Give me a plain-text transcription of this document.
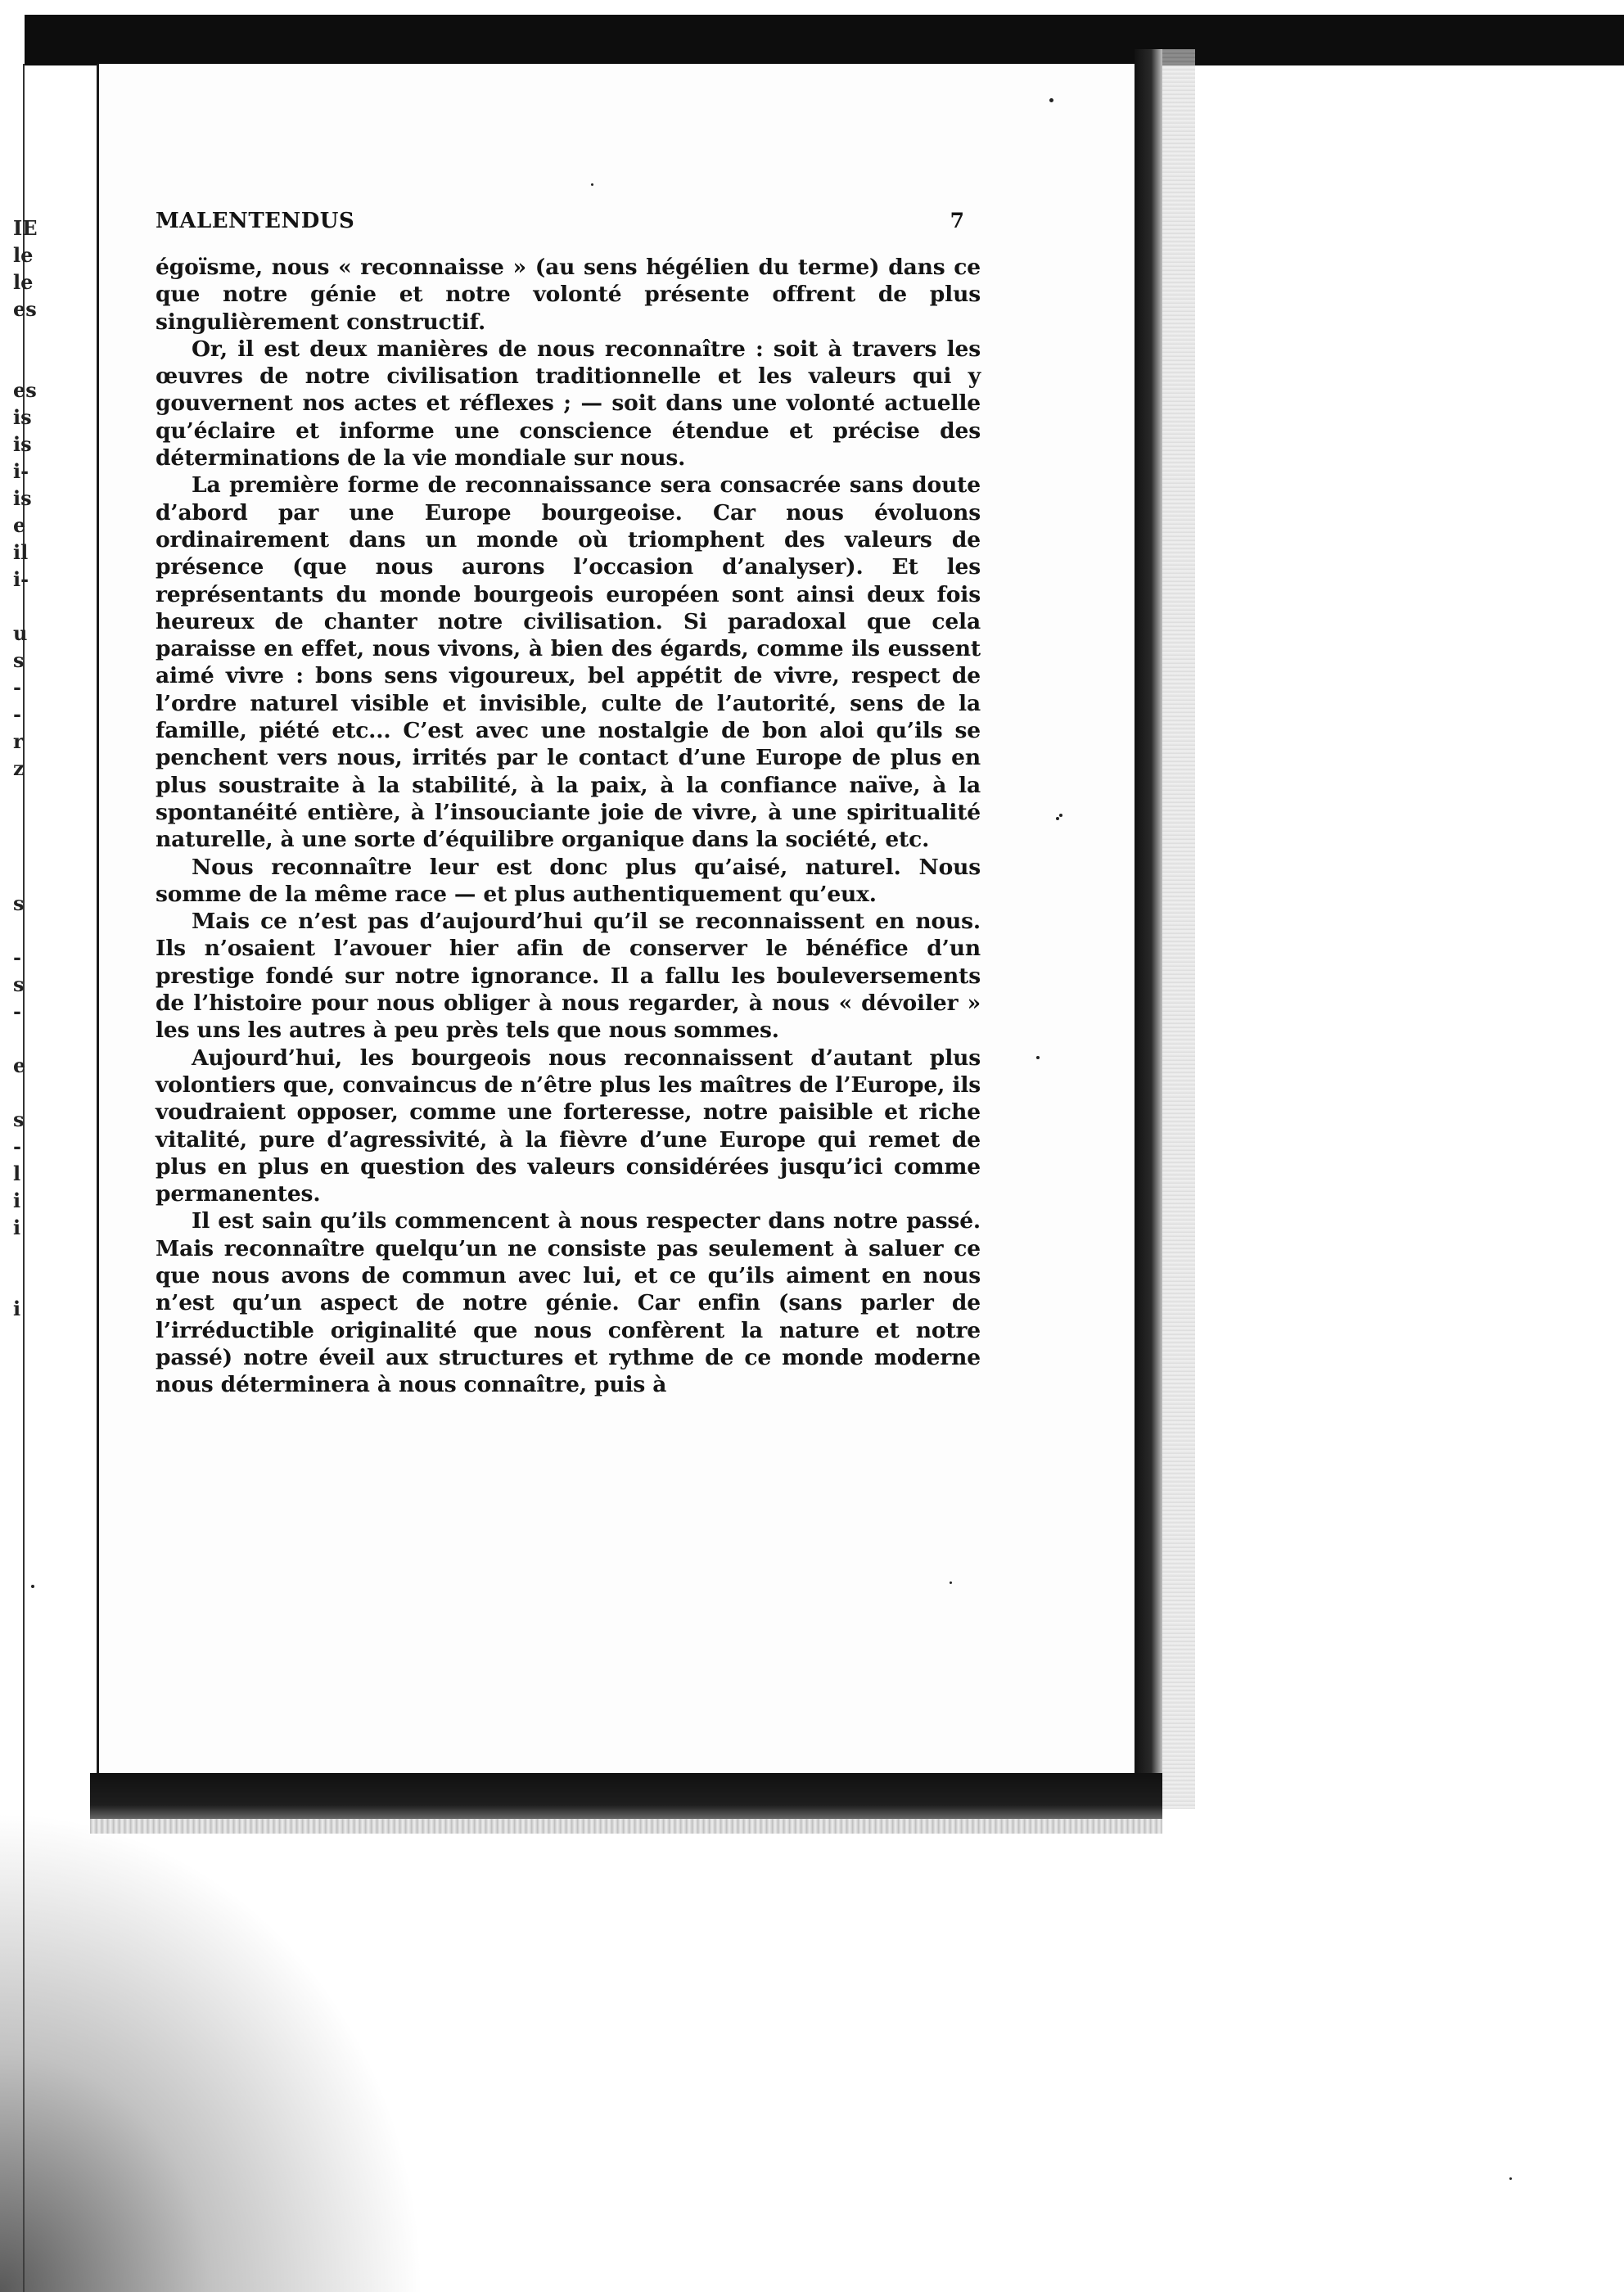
IE
le
le
es
es
is
is
i-
is
e
il
i-
u
s
-
-
r
z
s
-
s
-
e
s
-
l
i
i
i
MALENTENDUS	7

égoïsme, nous « reconnaisse » (au sens hégélien du terme) dans ce que notre génie et notre volonté présente offrent de plus singulièrement constructif.

Or, il est deux manières de nous reconnaître : soit à travers les œuvres de notre civilisation traditionnelle et les valeurs qui y gouvernent nos actes et réflexes ; — soit dans une volonté actuelle qu’éclaire et informe une conscience étendue et précise des déterminations de la vie mondiale sur nous.

La première forme de reconnaissance sera consacrée sans doute d’abord par une Europe bourgeoise. Car nous évoluons ordinairement dans un monde où triomphent des valeurs de présence (que nous aurons l’occasion d’analyser). Et les représentants du monde bourgeois européen sont ainsi deux fois heureux de chanter notre civilisation. Si paradoxal que cela paraisse en effet, nous vivons, à bien des égards, comme ils eussent aimé vivre : bons sens vigoureux, bel appétit de vivre, respect de l’ordre naturel visible et invisible, culte de l’autorité, sens de la famille, piété etc... C’est avec une nostalgie de bon aloi qu’ils se penchent vers nous, irrités par le contact d’une Europe de plus en plus soustraite à la stabilité, à la paix, à la confiance naïve, à la spontanéité entière, à l’insouciante joie de vivre, à une spiritualité naturelle, à une sorte d’équilibre organique dans la société, etc.

Nous reconnaître leur est donc plus qu’aisé, naturel. Nous somme de la même race — et plus authentiquement qu’eux.

Mais ce n’est pas d’aujourd’hui qu’il se reconnaissent en nous. Ils n’osaient l’avouer hier afin de conserver le bénéfice d’un prestige fondé sur notre ignorance. Il a fallu les bouleversements de l’histoire pour nous obliger à nous regarder, à nous « dévoiler » les uns les autres à peu près tels que nous sommes.

Aujourd’hui, les bourgeois nous reconnaissent d’autant plus volontiers que, convaincus de n’être plus les maîtres de l’Europe, ils voudraient opposer, comme une forteresse, notre paisible et riche vitalité, pure d’agressivité, à la fièvre d’une Europe qui remet de plus en plus en question des valeurs considérées jusqu’ici comme permanentes.

Il est sain qu’ils commencent à nous respecter dans notre passé. Mais reconnaître quelqu’un ne consiste pas seulement à saluer ce que nous avons de commun avec lui, et ce qu’ils aiment en nous n’est qu’un aspect de notre génie. Car enfin (sans parler de l’irréductible originalité que nous confèrent la nature et notre passé) notre éveil aux structures et rythme de ce monde moderne nous déterminera à nous connaître, puis à
